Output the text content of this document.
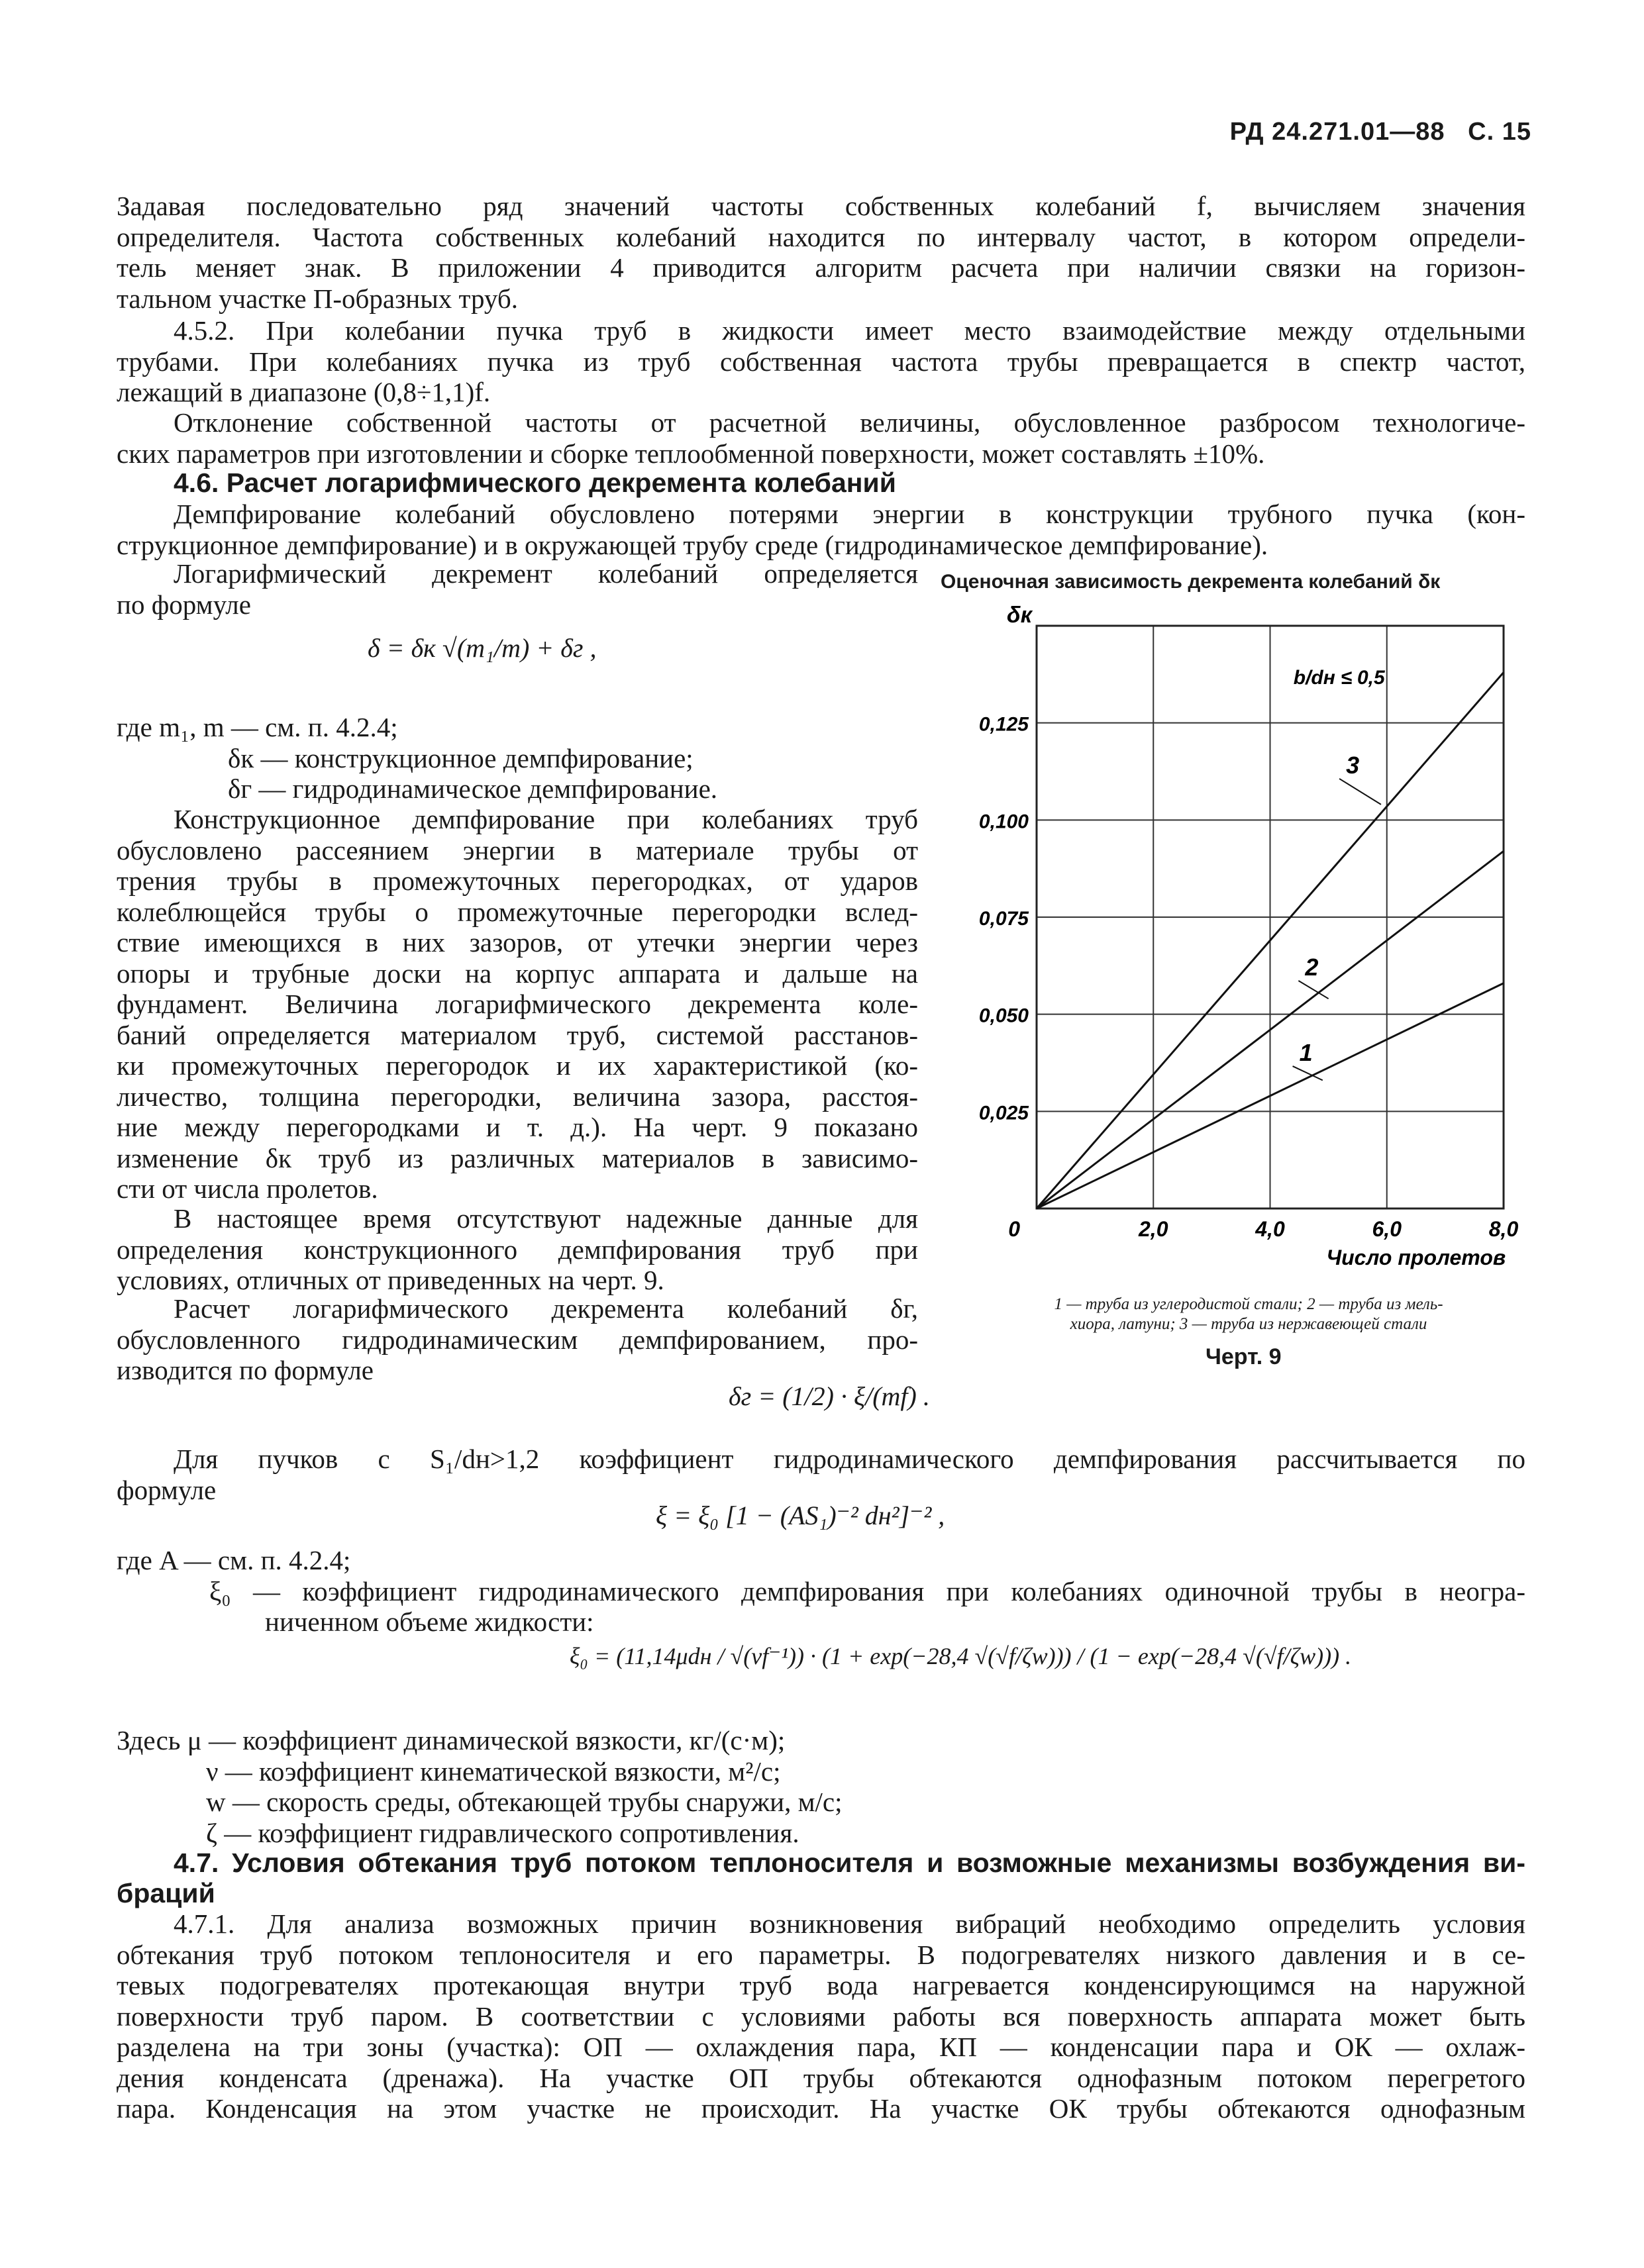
РД 24.271.01—88 С. 15
Задавая последовательно ряд значений частоты собственных колебаний f, вычисляем значения
определителя. Частота собственных колебаний находится по интервалу частот, в котором определи-
тель меняет знак. В приложении 4 приводится алгоритм расчета при наличии связки на горизон-
тальном участке П-образных труб.
4.5.2. При колебании пучка труб в жидкости имеет место взаимодействие между отдельными
трубами. При колебаниях пучка из труб собственная частота трубы превращается в спектр частот,
лежащий в диапазоне (0,8÷1,1)f.
Отклонение собственной частоты от расчетной величины, обусловленное разбросом технологиче-
ских параметров при изготовлении и сборке теплообменной поверхности, может составлять ±10%.
4.6. Расчет логарифмического декремента колебаний
Демпфирование колебаний обусловлено потерями энергии в конструкции трубного пучка (кон-
струкционное демпфирование) и в окружающей трубу среде (гидродинамическое демпфирование).
Логарифмический декремент колебаний определяется
по формуле
δ = δк √(m₁/m) + δг ,
где m₁, m — см. п. 4.2.4;
δк — конструкционное демпфирование;
δг — гидродинамическое демпфирование.
Конструкционное демпфирование при колебаниях труб
обусловлено рассеянием энергии в материале трубы от
трения трубы в промежуточных перегородках, от ударов
колеблющейся трубы о промежуточные перегородки вслед-
ствие имеющихся в них зазоров, от утечки энергии через
опоры и трубные доски на корпус аппарата и дальше на
фундамент. Величина логарифмического декремента коле-
баний определяется материалом труб, системой расстанов-
ки промежуточных перегородок и их характеристикой (ко-
личество, толщина перегородки, величина зазора, расстоя-
ние между перегородками и т. д.). На черт. 9 показано
изменение δк труб из различных материалов в зависимо-
сти от числа пролетов.
В настоящее время отсутствуют надежные данные для
определения конструкционного демпфирования труб при
условиях, отличных от приведенных на черт. 9.
Расчет логарифмического декремента колебаний δг,
обусловленного гидродинамическим демпфированием, про-
изводится по формуле
δг = (1/2) · ξ/(mf) .
Для пучков с S₁/dн>1,2 коэффициент гидродинамического демпфирования рассчитывается по
формуле
ξ = ξ₀ [1 − (AS₁)⁻² dн²]⁻² ,
где A — см. п. 4.2.4;
ξ₀ — коэффициент гидродинамического демпфирования при колебаниях одиночной трубы в неогра-
ниченном объеме жидкости:
ξ₀ = (11,14μdн / √(νf⁻¹)) · (1 + exp(−28,4 √(√f/ζw))) / (1 − exp(−28,4 √(√f/ζw))) .
Здесь μ — коэффициент динамической вязкости, кг/(с·м);
ν — коэффициент кинематической вязкости, м²/с;
w — скорость среды, обтекающей трубы снаружи, м/с;
ζ — коэффициент гидравлического сопротивления.
4.7. Условия обтекания труб потоком теплоносителя и возможные механизмы возбуждения ви-
браций
4.7.1. Для анализа возможных причин возникновения вибраций необходимо определить условия
обтекания труб потоком теплоносителя и его параметры. В подогревателях низкого давления и в се-
тевых подогревателях протекающая внутри труб вода нагревается конденсирующимся на наружной
поверхности труб паром. В соответствии с условиями работы вся поверхность аппарата может быть
разделена на три зоны (участка): ОП — охлаждения пара, КП — конденсации пара и ОК — охлаж-
дения конденсата (дренажа). На участке ОП трубы обтекаются однофазным потоком перегретого
пара. Конденсация на этом участке не происходит. На участке ОК трубы обтекаются однофазным
Оценочная зависимость декремента колебаний δк
0,025
0,050
0,075
0,100
0,125
0	2,0	4,0	6,0	8,0
δк
Число пролетов
b/dн ≤ 0,5
1
2
3
1 — труба из углеродистой стали; 2 — труба из мель-
хиора, латуни; 3 — труба из нержавеющей стали
Черт. 9
